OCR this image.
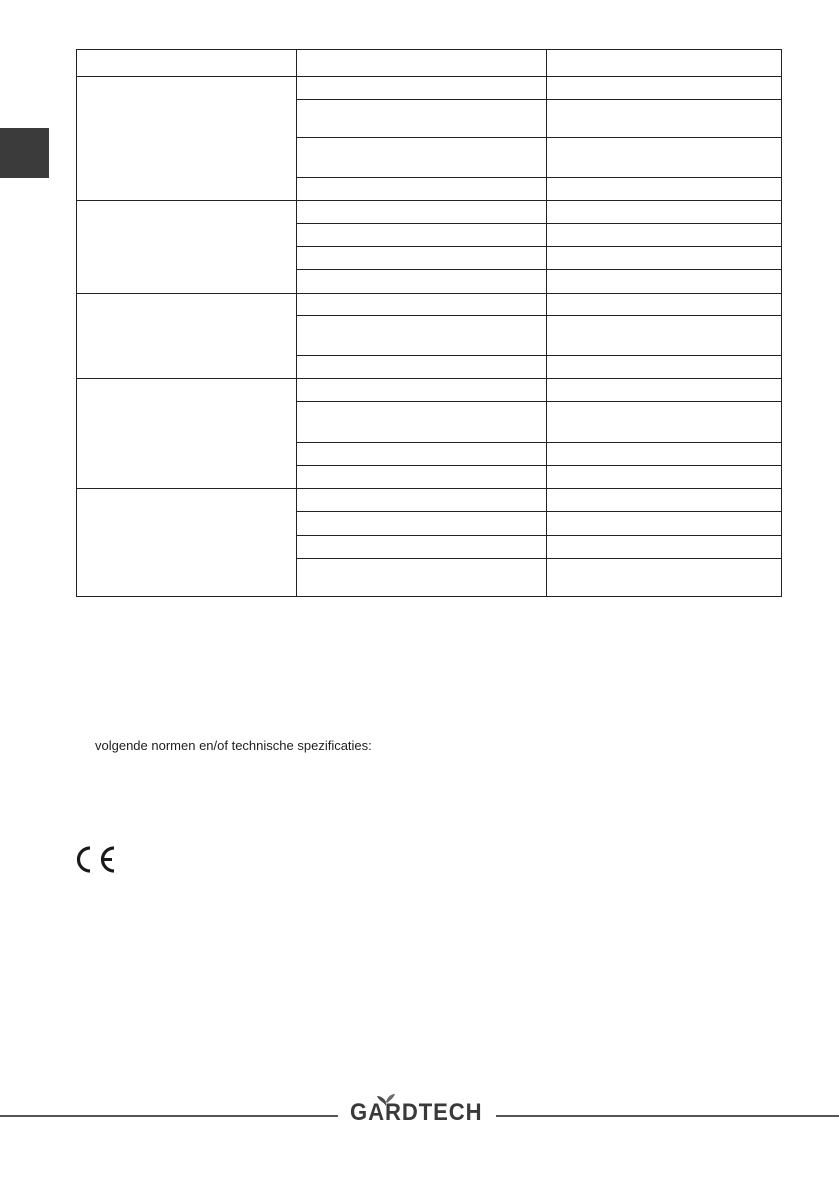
volgende normen en/of technische spezificaties:
GARDTECH
